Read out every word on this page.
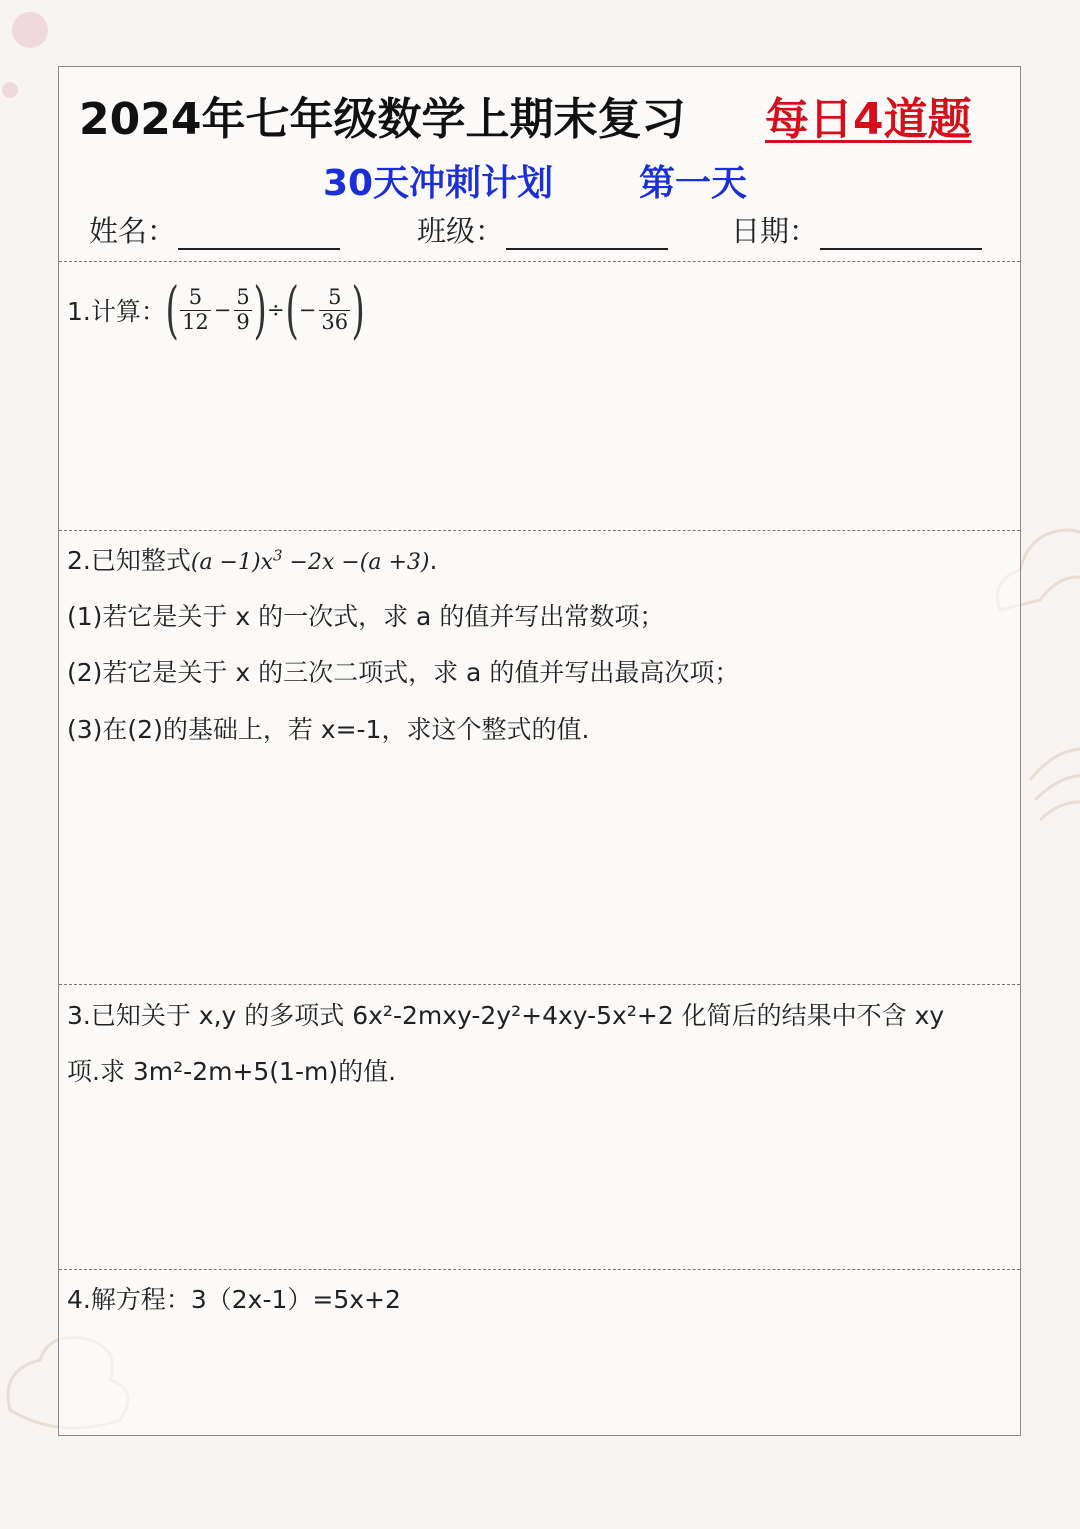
2024年七年级数学上期末复习 每日4道题
30天冲刺计划 第一天
姓名：	班级：	日期：
1.计算： ( $\frac{5}{12} - \frac{5}{9}$ ) ÷ ( − $\frac{5}{36}$ )
2.已知整式$(a -1)x^3 -2x -(a +3)$.
(1)若它是关于 x 的一次式，求 a 的值并写出常数项；
(2)若它是关于 x 的三次二项式，求 a 的值并写出最高次项；
(3)在(2)的基础上，若 x=-1，求这个整式的值.
3.已知关于 x,y 的多项式 6x²-2mxy-2y²+4xy-5x²+2 化简后的结果中不含 xy
项.求 3m²-2m+5(1-m)的值.
4.解方程：3（2x-1）=5x+2
